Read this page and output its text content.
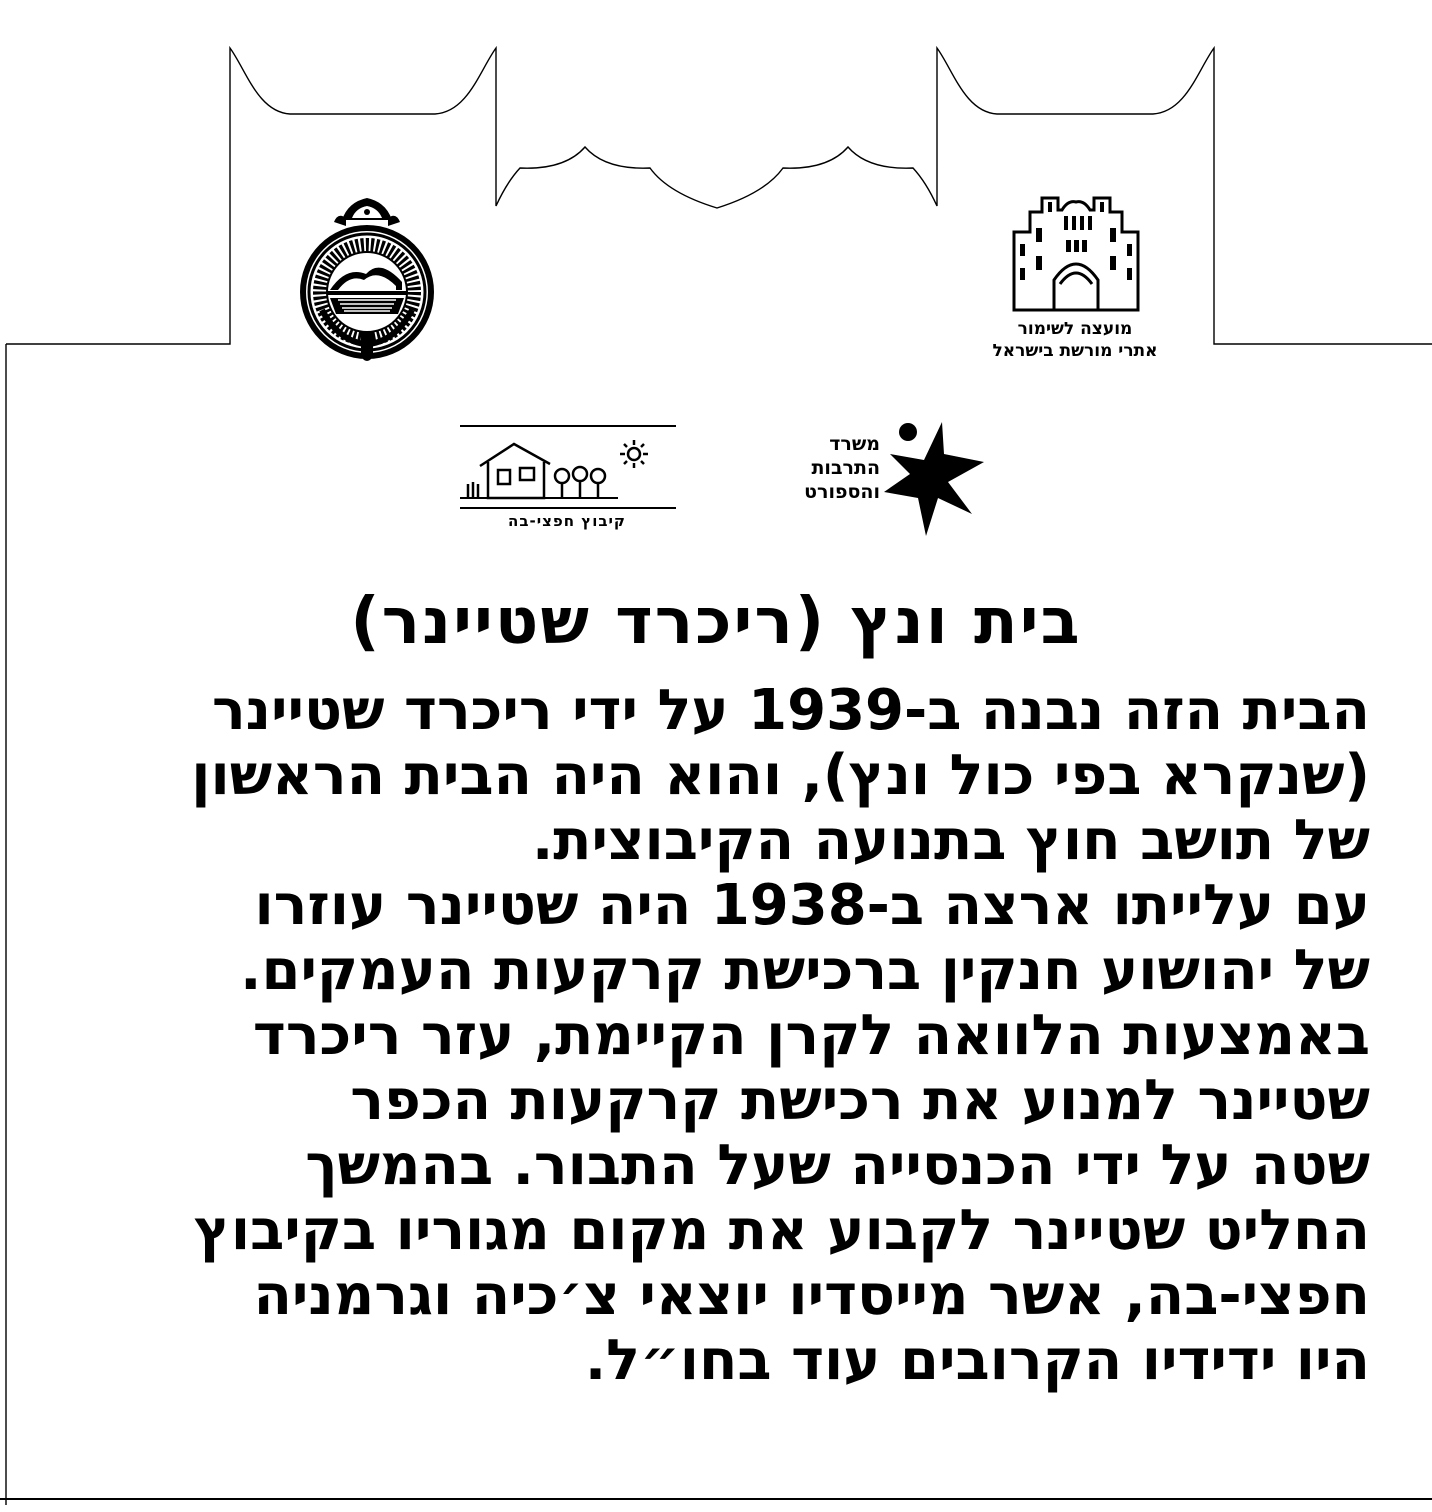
מועצה לשימור
אתרי מורשת בישראל
משרד
התרבות
והספורט
קיבוץ חפצי-בה
בית ונץ (ריכרד שטיינר)
הבית הזה נבנה ב-1939 על ידי ריכרד שטיינר
(שנקרא בפי כול ונץ), והוא היה הבית הראשון
של תושב חוץ בתנועה הקיבוצית.
עם עלייתו ארצה ב-1938 היה שטיינר עוזרו
של יהושוע חנקין ברכישת קרקעות העמקים.
באמצעות הלוואה לקרן הקיימת, עזר ריכרד
שטיינר למנוע את רכישת קרקעות הכפר
שטה על ידי הכנסייה שעל התבור. בהמשך
החליט שטיינר לקבוע את מקום מגוריו בקיבוץ
חפצי-בה, אשר מייסדיו יוצאי צ׳כיה וגרמניה
היו ידידיו הקרובים עוד בחו״ל.
